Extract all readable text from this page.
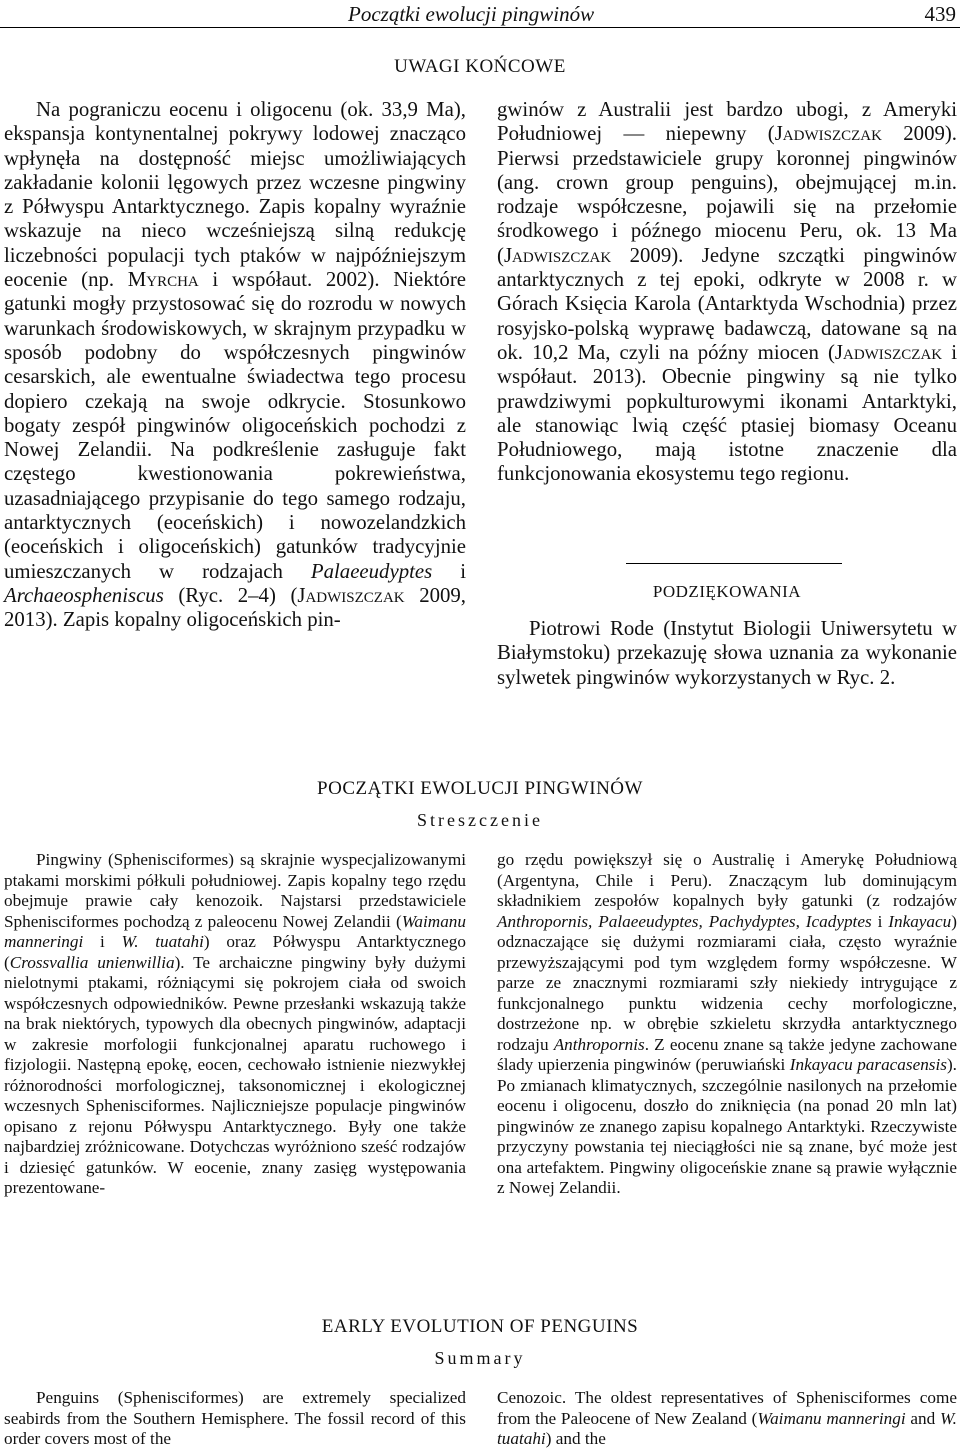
Początki ewolucji pingwinów	439
UWAGI KOŃCOWE

Na pograniczu eocenu i oligocenu (ok. 33,9 Ma), ekspansja kontynentalnej pokrywy lodowej znacząco wpłynęła na dostępność miejsc umożliwiających zakładanie kolonii lęgowych przez wczesne pingwiny z Półwyspu Antarktycznego. Zapis kopalny wyraźnie wskazuje na nieco wcześniejszą silną redukcję liczebności populacji tych ptaków w najpóźniejszym eocenie (np. Myrcha i współaut. 2002). Niektóre gatunki mogły przystosować się do rozrodu w nowych warunkach środowiskowych, w skrajnym przypadku w sposób podobny do współczesnych pingwinów cesarskich, ale ewentualne świadectwa tego procesu dopiero czekają na swoje odkrycie. Stosunkowo bogaty zespół pingwinów oligoceńskich pochodzi z Nowej Zelandii. Na podkreślenie zasługuje fakt częstego kwestionowania pokrewieństwa, uzasadniającego przypisanie do tego samego rodzaju, antarktycznych (eoceńskich) i nowozelandzkich (eoceńskich i oligoceńskich) gatunków tradycyjnie umieszczanych w rodzajach Palaeeudyptes i Archaeospheniscus (Ryc. 2–4) (Jadwiszczak 2009, 2013). Zapis kopalny oligoceńskich pin-

gwinów z Australii jest bardzo ubogi, z Ameryki Południowej — niepewny (Jadwiszczak 2009). Pierwsi przedstawiciele grupy koronnej pingwinów (ang. crown group penguins), obejmującej m.in. rodzaje współczesne, pojawili się na przełomie środkowego i późnego miocenu Peru, ok. 13 Ma (Jadwiszczak 2009). Jedyne szczątki pingwinów antarktycznych z tej epoki, odkryte w 2008 r. w Górach Księcia Karola (Antarktyda Wschodnia) przez rosyjsko-polską wyprawę badawczą, datowane są na ok. 10,2 Ma, czyli na późny miocen (Jadwiszczak i współaut. 2013). Obecnie pingwiny są nie tylko prawdziwymi popkulturowymi ikonami Antarktyki, ale stanowiąc lwią część ptasiej biomasy Oceanu Południowego, mają istotne znaczenie dla funkcjonowania ekosystemu tego regionu.

PODZIĘKOWANIA

Piotrowi Rode (Instytut Biologii Uniwersytetu w Białymstoku) przekazuję słowa uznania za wykonanie sylwetek pingwinów wykorzystanych w Ryc. 2.

POCZĄTKI EWOLUCJI PINGWINÓW
Streszczenie

Pingwiny (Sphenisciformes) są skrajnie wyspecjalizowanymi ptakami morskimi półkuli południowej. Zapis kopalny tego rzędu obejmuje prawie cały kenozoik. Najstarsi przedstawiciele Sphenisciformes pochodzą z paleocenu Nowej Zelandii (Waimanu manneringi i W. tuatahi) oraz Półwyspu Antarktycznego (Crossvallia unienwillia). Te archaiczne pingwiny były dużymi nielotnymi ptakami, różniącymi się pokrojem ciała od swoich współczesnych odpowiedników. Pewne przesłanki wskazują także na brak niektórych, typowych dla obecnych pingwinów, adaptacji w zakresie morfologii funkcjonalnej aparatu ruchowego i fizjologii. Następną epokę, eocen, cechowało istnienie niezwykłej różnorodności morfologicznej, taksonomicznej i ekologicznej wczesnych Sphenisciformes. Najliczniejsze populacje pingwinów opisano z rejonu Półwyspu Antarktycznego. Były one także najbardziej zróżnicowane. Dotychczas wyróżniono sześć rodzajów i dziesięć gatunków. W eocenie, znany zasięg występowania prezentowane-

go rzędu powiększył się o Australię i Amerykę Południową (Argentyna, Chile i Peru). Znaczącym lub dominującym składnikiem zespołów kopalnych były gatunki (z rodzajów Anthropornis, Palaeeudyptes, Pachydyptes, Icadyptes i Inkayacu) odznaczające się dużymi rozmiarami ciała, często wyraźnie przewyższającymi pod tym względem formy współczesne. W parze ze znacznymi rozmiarami szły niekiedy intrygujące z funkcjonalnego punktu widzenia cechy morfologiczne, dostrzeżone np. w obrębie szkieletu skrzydła antarktycznego rodzaju Anthropornis. Z eocenu znane są także jedyne zachowane ślady upierzenia pingwinów (peruwiański Inkayacu paracasensis). Po zmianach klimatycznych, szczególnie nasilonych na przełomie eocenu i oligocenu, doszło do zniknięcia (na ponad 20 mln lat) pingwinów ze znanego zapisu kopalnego Antarktyki. Rzeczywiste przyczyny powstania tej nieciągłości nie są znane, być może jest ona artefaktem. Pingwiny oligoceńskie znane są prawie wyłącznie z Nowej Zelandii.

EARLY EVOLUTION OF PENGUINS
Summary

Penguins (Sphenisciformes) are extremely specialized seabirds from the Southern Hemisphere. The fossil record of this order covers most of the

Cenozoic. The oldest representatives of Sphenisciformes come from the Paleocene of New Zealand (Waimanu manneringi and W. tuatahi) and the
